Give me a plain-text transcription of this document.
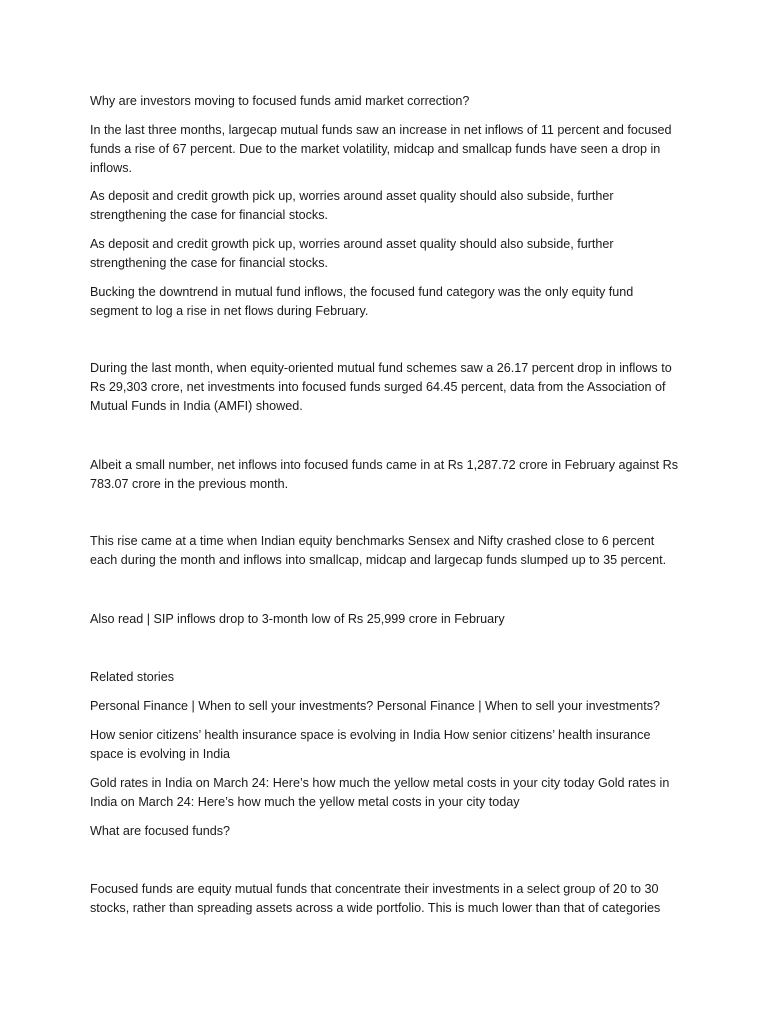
Why are investors moving to focused funds amid market correction?

In the last three months, largecap mutual funds saw an increase in net inflows of 11 percent and focused funds a rise of 67 percent. Due to the market volatility, midcap and smallcap funds have seen a drop in inflows.

As deposit and credit growth pick up, worries around asset quality should also subside, further strengthening the case for financial stocks.

As deposit and credit growth pick up, worries around asset quality should also subside, further strengthening the case for financial stocks.

Bucking the downtrend in mutual fund inflows, the focused fund category was the only equity fund segment to log a rise in net flows during February.

During the last month, when equity-oriented mutual fund schemes saw a 26.17 percent drop in inflows to Rs 29,303 crore, net investments into focused funds surged 64.45 percent, data from the Association of Mutual Funds in India (AMFI) showed.

Albeit a small number, net inflows into focused funds came in at Rs 1,287.72 crore in February against Rs 783.07 crore in the previous month.

This rise came at a time when Indian equity benchmarks Sensex and Nifty crashed close to 6 percent each during the month and inflows into smallcap, midcap and largecap funds slumped up to 35 percent.

Also read | SIP inflows drop to 3-month low of Rs 25,999 crore in February

Related stories

Personal Finance | When to sell your investments? Personal Finance | When to sell your investments?

How senior citizens’ health insurance space is evolving in India How senior citizens’ health insurance space is evolving in India

Gold rates in India on March 24: Here’s how much the yellow metal costs in your city today Gold rates in India on March 24: Here’s how much the yellow metal costs in your city today

What are focused funds?

Focused funds are equity mutual funds that concentrate their investments in a select group of 20 to 30 stocks, rather than spreading assets across a wide portfolio. This is much lower than that of categories
